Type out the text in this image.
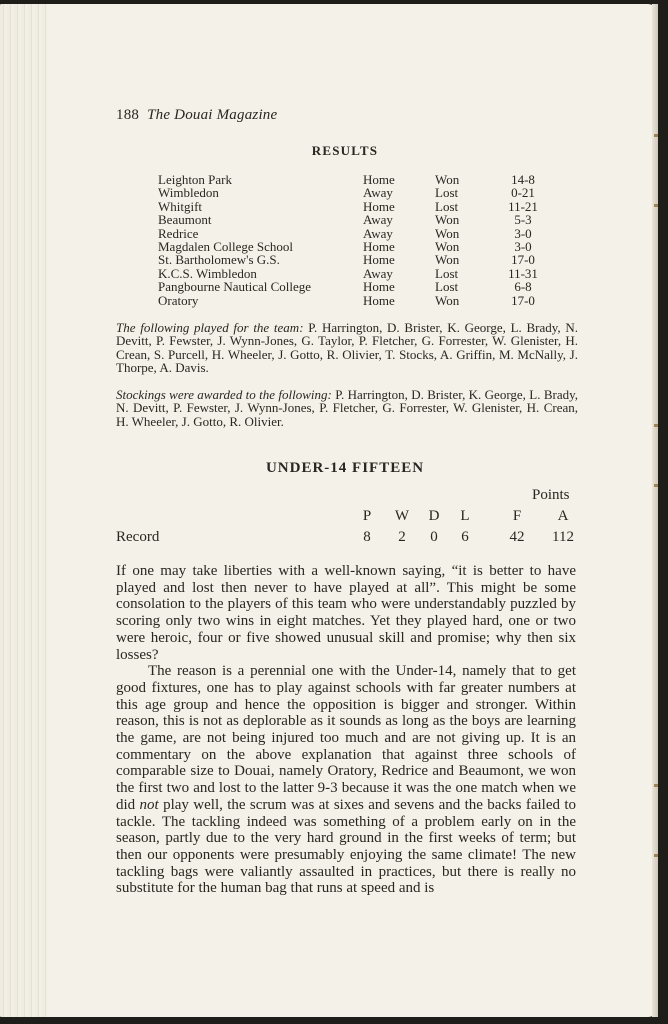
188 The Douai Magazine
RESULTS
Leighton Park	Home	Won	14-8
Wimbledon	Away	Lost	0-21
Whitgift	Home	Lost	11-21
Beaumont	Away	Won	5-3
Redrice	Away	Won	3-0
Magdalen College School	Home	Won	3-0
St. Bartholomew's G.S.	Home	Won	17-0
K.C.S. Wimbledon	Away	Lost	11-31
Pangbourne Nautical College	Home	Lost	6-8
Oratory	Home	Won	17-0
The following played for the team: P. Harrington, D. Brister, K. George, L. Brady, N. Devitt, P. Fewster, J. Wynn-Jones, G. Taylor, P. Fletcher, G. Forrester, W. Glenister, H. Crean, S. Purcell, H. Wheeler, J. Gotto, R. Olivier, T. Stocks, A. Griffin, M. McNally, J. Thorpe, A. Davis.
Stockings were awarded to the following: P. Harrington, D. Brister, K. George, L. Brady, N. Devitt, P. Fewster, J. Wynn-Jones, P. Fletcher, G. Forrester, W. Glenister, H. Crean, H. Wheeler, J. Gotto, R. Olivier.
UNDER-14 FIFTEEN
Points
P	W	D	L	F	A
Record	8	2	0	6	42	112

If one may take liberties with a well-known saying, “it is better to have played and lost then never to have played at all”. This might be some consolation to the players of this team who were understandably puzzled by scoring only two wins in eight matches. Yet they played hard, one or two were heroic, four or five showed unusual skill and promise; why then six losses?

The reason is a perennial one with the Under-14, namely that to get good fixtures, one has to play against schools with far greater numbers at this age group and hence the opposition is bigger and stronger. Within reason, this is not as deplorable as it sounds as long as the boys are learning the game, are not being injured too much and are not giving up. It is an commentary on the above explanation that against three schools of comparable size to Douai, namely Oratory, Redrice and Beaumont, we won the first two and lost to the latter 9-3 because it was the one match when we did not play well, the scrum was at sixes and sevens and the backs failed to tackle. The tackling indeed was something of a problem early on in the season, partly due to the very hard ground in the first weeks of term; but then our opponents were presumably enjoying the same climate! The new tackling bags were valiantly assaulted in practices, but there is really no substitute for the human bag that runs at speed and is
